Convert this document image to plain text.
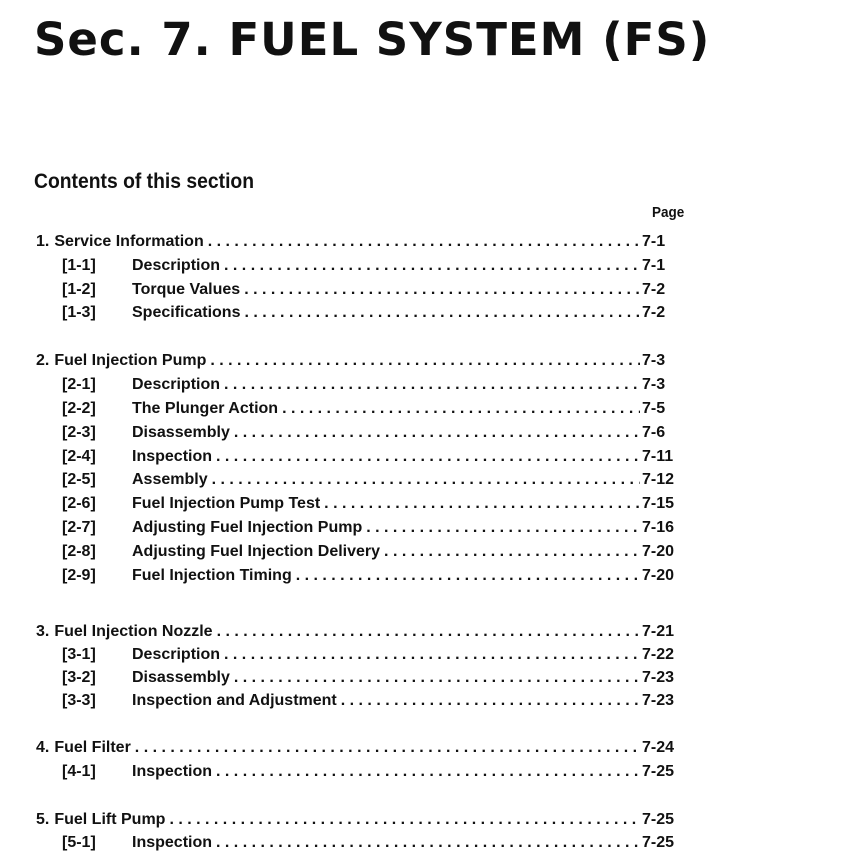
Sec. 7. FUEL SYSTEM (FS)
Contents of this section
Page
1. Service Information . . .	7-1
[1-1]	Description . . .	7-1
[1-2]	Torque Values . . .	7-2
[1-3]	Specifications . . .	7-2
2. Fuel Injection Pump . . .	7-3
[2-1]	Description . . .	7-3
[2-2]	The Plunger Action . . .	7-5
[2-3]	Disassembly . . .	7-6
[2-4]	Inspection . . .	7-11
[2-5]	Assembly . . .	7-12
[2-6]	Fuel Injection Pump Test . . .	7-15
[2-7]	Adjusting Fuel Injection Pump . . .	7-16
[2-8]	Adjusting Fuel Injection Delivery . . .	7-20
[2-9]	Fuel Injection Timing . . .	7-20
3. Fuel Injection Nozzle . . .	7-21
[3-1]	Description . . .	7-22
[3-2]	Disassembly . . .	7-23
[3-3]	Inspection and Adjustment . . .	7-23
4. Fuel Filter . . .	7-24
[4-1]	Inspection . . .	7-25
5. Fuel Lift Pump . . .	7-25
[5-1]	Inspection . . .	7-25
